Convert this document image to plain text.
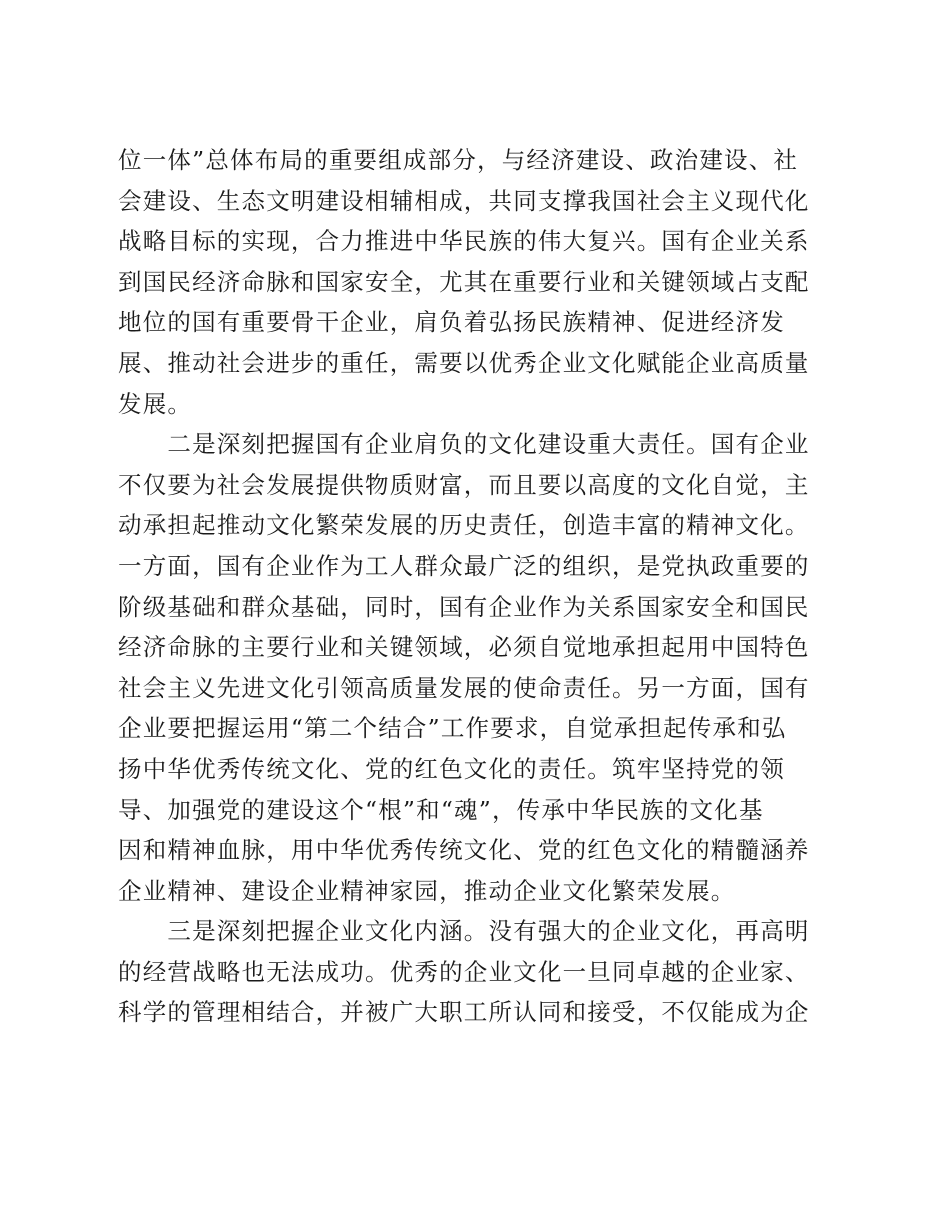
位一体”总体布局的重要组成部分，与经济建设、政治建设、社
会建设、生态文明建设相辅相成，共同支撑我国社会主义现代化
战略目标的实现，合力推进中华民族的伟大复兴。国有企业关系
到国民经济命脉和国家安全，尤其在重要行业和关键领域占支配
地位的国有重要骨干企业，肩负着弘扬民族精神、促进经济发
展、推动社会进步的重任，需要以优秀企业文化赋能企业高质量
发展。
　　二是深刻把握国有企业肩负的文化建设重大责任。国有企业
不仅要为社会发展提供物质财富，而且要以高度的文化自觉，主
动承担起推动文化繁荣发展的历史责任，创造丰富的精神文化。
一方面，国有企业作为工人群众最广泛的组织，是党执政重要的
阶级基础和群众基础，同时，国有企业作为关系国家安全和国民
经济命脉的主要行业和关键领域，必须自觉地承担起用中国特色
社会主义先进文化引领高质量发展的使命责任。另一方面，国有
企业要把握运用“第二个结合”工作要求，自觉承担起传承和弘
扬中华优秀传统文化、党的红色文化的责任。筑牢坚持党的领
导、加强党的建设这个“根”和“魂”，传承中华民族的文化基
因和精神血脉，用中华优秀传统文化、党的红色文化的精髓涵养
企业精神、建设企业精神家园，推动企业文化繁荣发展。
　　三是深刻把握企业文化内涵。没有强大的企业文化，再高明
的经营战略也无法成功。优秀的企业文化一旦同卓越的企业家、
科学的管理相结合，并被广大职工所认同和接受，不仅能成为企
